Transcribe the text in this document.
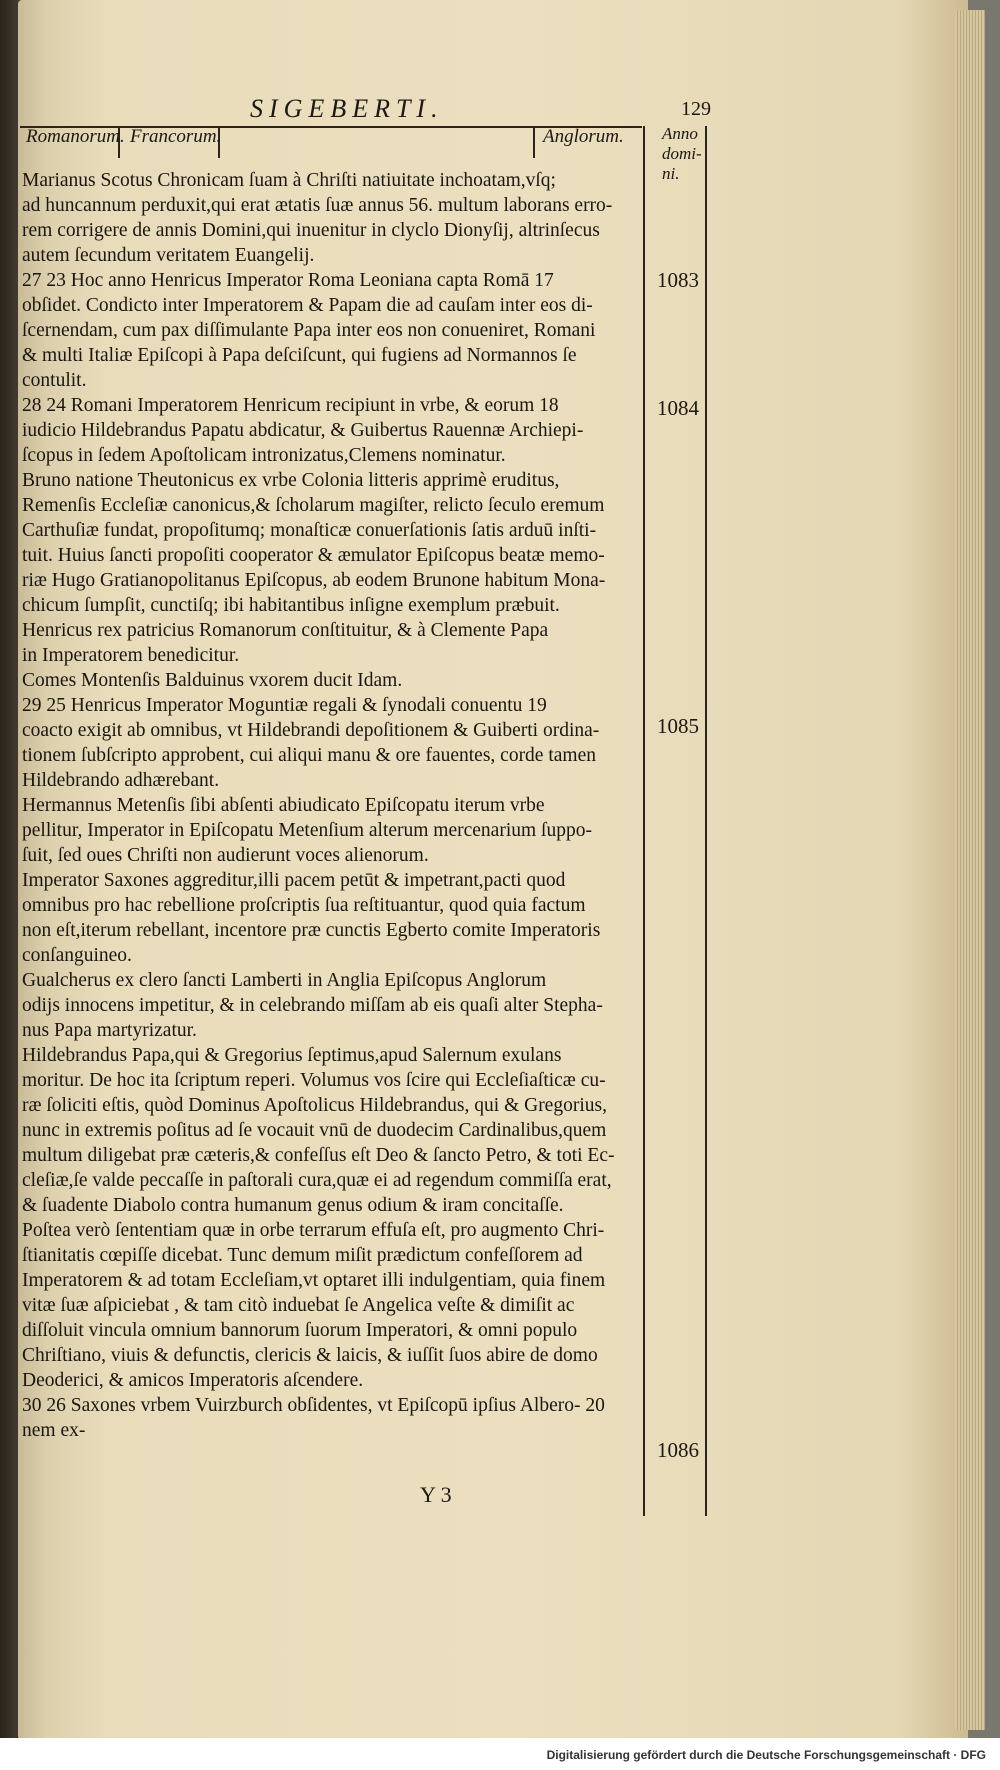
SIGEBERTI.	129
Romanorum. Francorum.	Anglorum. Anno domi- ni.
1083
1084
1085
1086
Marianus Scotus Chronicam ſuam à Chriſti natiuitate inchoatam,vſq;
ad huncannum perduxit,qui erat ætatis ſuæ annus 56. multum laborans erro-
rem corrigere de annis Domini,qui inuenitur in clyclo Dionyſij, altrinſecus
autem ſecundum veritatem Euangelij.
27 23 Hoc anno Henricus Imperator Roma Leoniana capta Romā 17
obſidet. Condicto inter Imperatorem & Papam die ad cauſam inter eos di-
ſcernendam, cum pax diſſimulante Papa inter eos non conueniret, Romani
& multi Italiæ Epiſcopi à Papa deſciſcunt, qui fugiens ad Normannos ſe
contulit.
28 24 Romani Imperatorem Henricum recipiunt in vrbe, & eorum 18
iudicio Hildebrandus Papatu abdicatur, & Guibertus Rauennæ Archiepi-
ſcopus in ſedem Apoſtolicam intronizatus,Clemens nominatur.
Bruno natione Theutonicus ex vrbe Colonia litteris apprimè eruditus,
Remenſis Eccleſiæ canonicus,& ſcholarum magiſter, relicto ſeculo eremum
Carthuſiæ fundat, propoſitumq; monaſticæ conuerſationis ſatis arduū inſti-
tuit. Huius ſancti propoſiti cooperator & æmulator Epiſcopus beatæ memo-
riæ Hugo Gratianopolitanus Epiſcopus, ab eodem Brunone habitum Mona-
chicum ſumpſit, cunctiſq; ibi habitantibus inſigne exemplum præbuit.
Henricus rex patricius Romanorum conſtituitur, & à Clemente Papa
in Imperatorem benedicitur.
Comes Montenſis Balduinus vxorem ducit Idam.
29 25 Henricus Imperator Moguntiæ regali & ſynodali conuentu 19
coacto exigit ab omnibus, vt Hildebrandi depoſitionem & Guiberti ordina-
tionem ſubſcripto approbent, cui aliqui manu & ore fauentes, corde tamen
Hildebrando adhærebant.
Hermannus Metenſis ſibi abſenti abiudicato Epiſcopatu iterum vrbe
pellitur, Imperator in Epiſcopatu Metenſium alterum mercenarium ſuppo-
ſuit, ſed oues Chriſti non audierunt voces alienorum.
Imperator Saxones aggreditur,illi pacem petūt & impetrant,pacti quod
omnibus pro hac rebellione proſcriptis ſua reſtituantur, quod quia factum
non eſt,iterum rebellant, incentore præ cunctis Egberto comite Imperatoris
conſanguineo.
Gualcherus ex clero ſancti Lamberti in Anglia Epiſcopus Anglorum
odijs innocens impetitur, & in celebrando miſſam ab eis quaſi alter Stepha-
nus Papa martyrizatur.
Hildebrandus Papa,qui & Gregorius ſeptimus,apud Salernum exulans
moritur. De hoc ita ſcriptum reperi. Volumus vos ſcire qui Eccleſiaſticæ cu-
ræ ſoliciti eſtis, quòd Dominus Apoſtolicus Hildebrandus, qui & Gregorius,
nunc in extremis poſitus ad ſe vocauit vnū de duodecim Cardinalibus,quem
multum diligebat præ cæteris,& confeſſus eſt Deo & ſancto Petro, & toti Ec-
cleſiæ,ſe valde peccaſſe in paſtorali cura,quæ ei ad regendum commiſſa erat,
& ſuadente Diabolo contra humanum genus odium & iram concitaſſe.
Poſtea verò ſententiam quæ in orbe terrarum effuſa eſt, pro augmento Chri-
ſtianitatis cœpiſſe dicebat. Tunc demum miſit prædictum confeſſorem ad
Imperatorem & ad totam Eccleſiam,vt optaret illi indulgentiam, quia finem
vitæ ſuæ aſpiciebat , & tam citò induebat ſe Angelica veſte & dimiſit ac
diſſoluit vincula omnium bannorum ſuorum Imperatori, & omni populo
Chriſtiano, viuis & defunctis, clericis & laicis, & iuſſit ſuos abire de domo
Deoderici, & amicos Imperatoris aſcendere.
30 26 Saxones vrbem Vuirzburch obſidentes, vt Epiſcopū ipſius Albero- 20
nem ex-
Y 3
Digitalisierung gefördert durch die Deutsche Forschungsgemeinschaft · DFG
